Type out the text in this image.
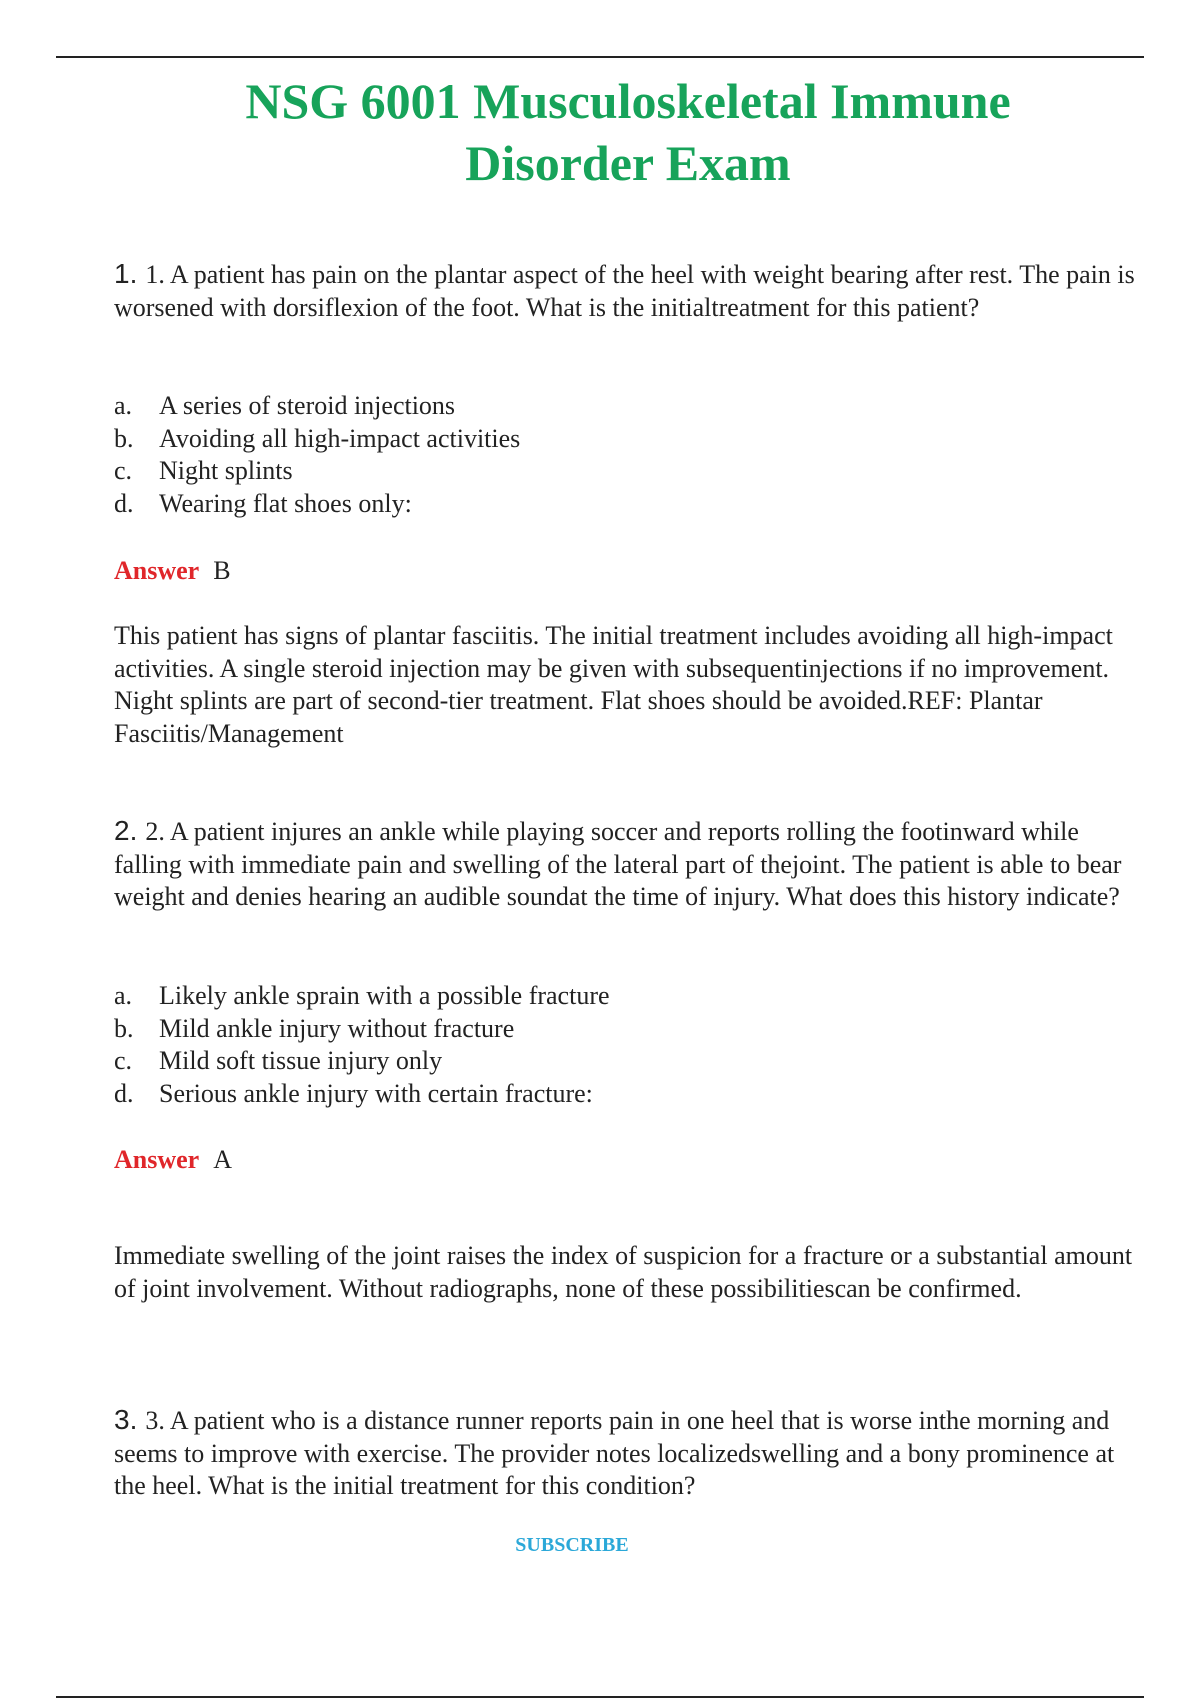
NSG 6001 Musculoskeletal Immune
Disorder Exam
1. 1. A patient has pain on the plantar aspect of the heel with weight bearing after rest. The pain is worsened with dorsiflexion of the foot. What is the initialtreatment for this patient?
a.	A series of steroid injections
b. Avoiding all high-impact activities
c.	Night splints
d. Wearing flat shoes only:
Answer B
This patient has signs of plantar fasciitis. The initial treatment includes avoiding all high-impact activities. A single steroid injection may be given with subsequentinjections if no improvement. Night splints are part of second-tier treatment. Flat shoes should be avoided.REF: Plantar Fasciitis/Management
2. 2. A patient injures an ankle while playing soccer and reports rolling the footinward while falling with immediate pain and swelling of the lateral part of thejoint. The patient is able to bear weight and denies hearing an audible soundat the time of injury. What does this history indicate?
a.	Likely ankle sprain with a possible fracture
b. Mild ankle injury without fracture
c.	Mild soft tissue injury only
d. Serious ankle injury with certain fracture:
Answer A
Immediate swelling of the joint raises the index of suspicion for a fracture or a substantial amount of joint involvement. Without radiographs, none of these possibilitiescan be confirmed.
3. 3. A patient who is a distance runner reports pain in one heel that is worse inthe morning and seems to improve with exercise. The provider notes localizedswelling and a bony prominence at the heel. What is the initial treatment for this condition?
SUBSCRIBE
